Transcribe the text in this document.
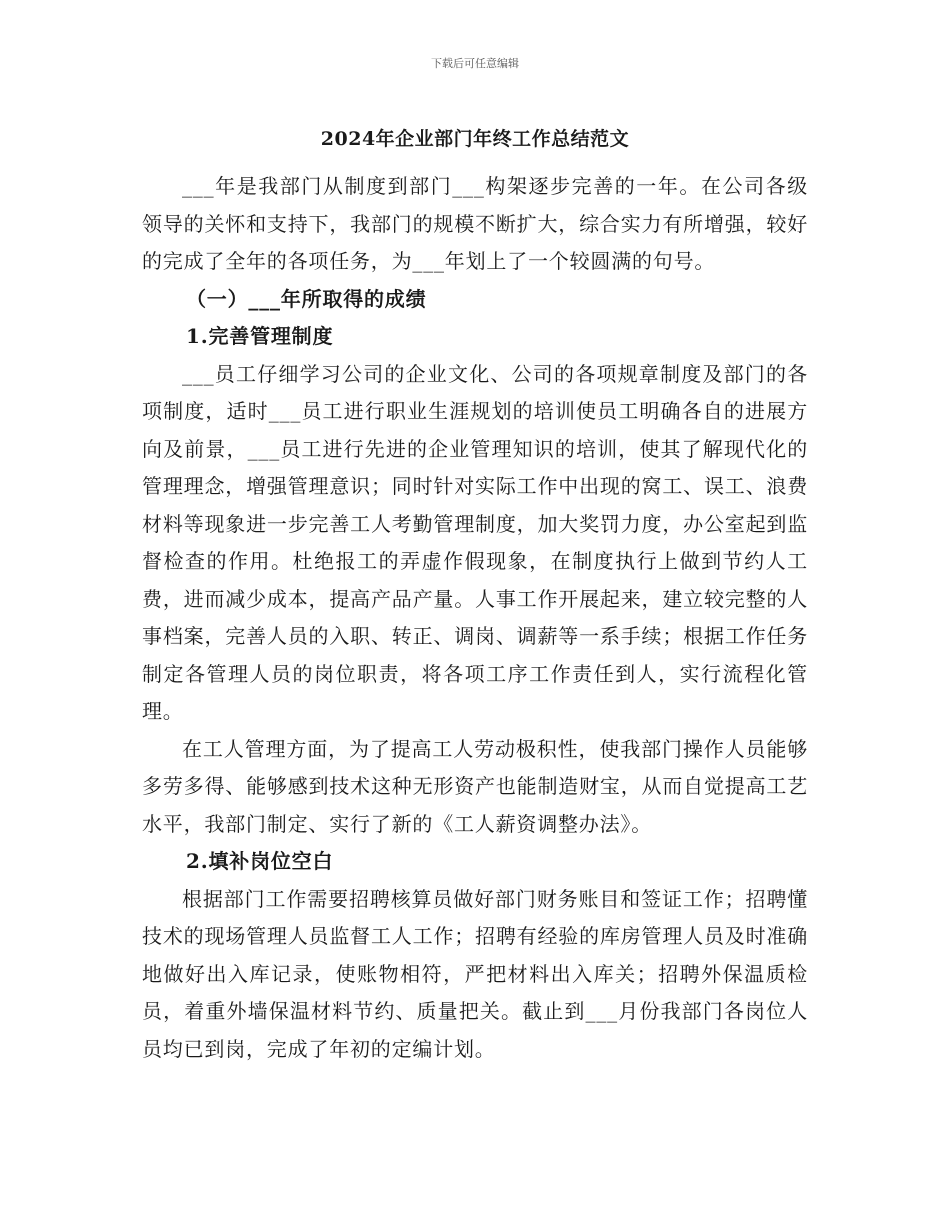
下载后可任意编辑
2024年企业部门年终工作总结范文

___年是我部门从制度到部门___构架逐步完善的一年。在公司各级领导的关怀和支持下，我部门的规模不断扩大，综合实力有所增强，较好的完成了全年的各项任务，为___年划上了一个较圆满的句号。

（一）___年所取得的成绩
1.完善管理制度

___员工仔细学习公司的企业文化、公司的各项规章制度及部门的各项制度，适时___员工进行职业生涯规划的培训使员工明确各自的进展方向及前景，___员工进行先进的企业管理知识的培训，使其了解现代化的管理理念，增强管理意识；同时针对实际工作中出现的窝工、误工、浪费材料等现象进一步完善工人考勤管理制度，加大奖罚力度，办公室起到监督检查的作用。杜绝报工的弄虚作假现象，在制度执行上做到节约人工费，进而减少成本，提高产品产量。人事工作开展起来，建立较完整的人事档案，完善人员的入职、转正、调岗、调薪等一系手续；根据工作任务制定各管理人员的岗位职责，将各项工序工作责任到人，实行流程化管理。

在工人管理方面，为了提高工人劳动极积性，使我部门操作人员能够多劳多得、能够感到技术这种无形资产也能制造财宝，从而自觉提高工艺水平，我部门制定、实行了新的《工人薪资调整办法》。

2.填补岗位空白

根据部门工作需要招聘核算员做好部门财务账目和签证工作；招聘懂技术的现场管理人员监督工人工作；招聘有经验的库房管理人员及时准确地做好出入库记录，使账物相符，严把材料出入库关；招聘外保温质检员，着重外墙保温材料节约、质量把关。截止到___月份我部门各岗位人员均已到岗，完成了年初的定编计划。
